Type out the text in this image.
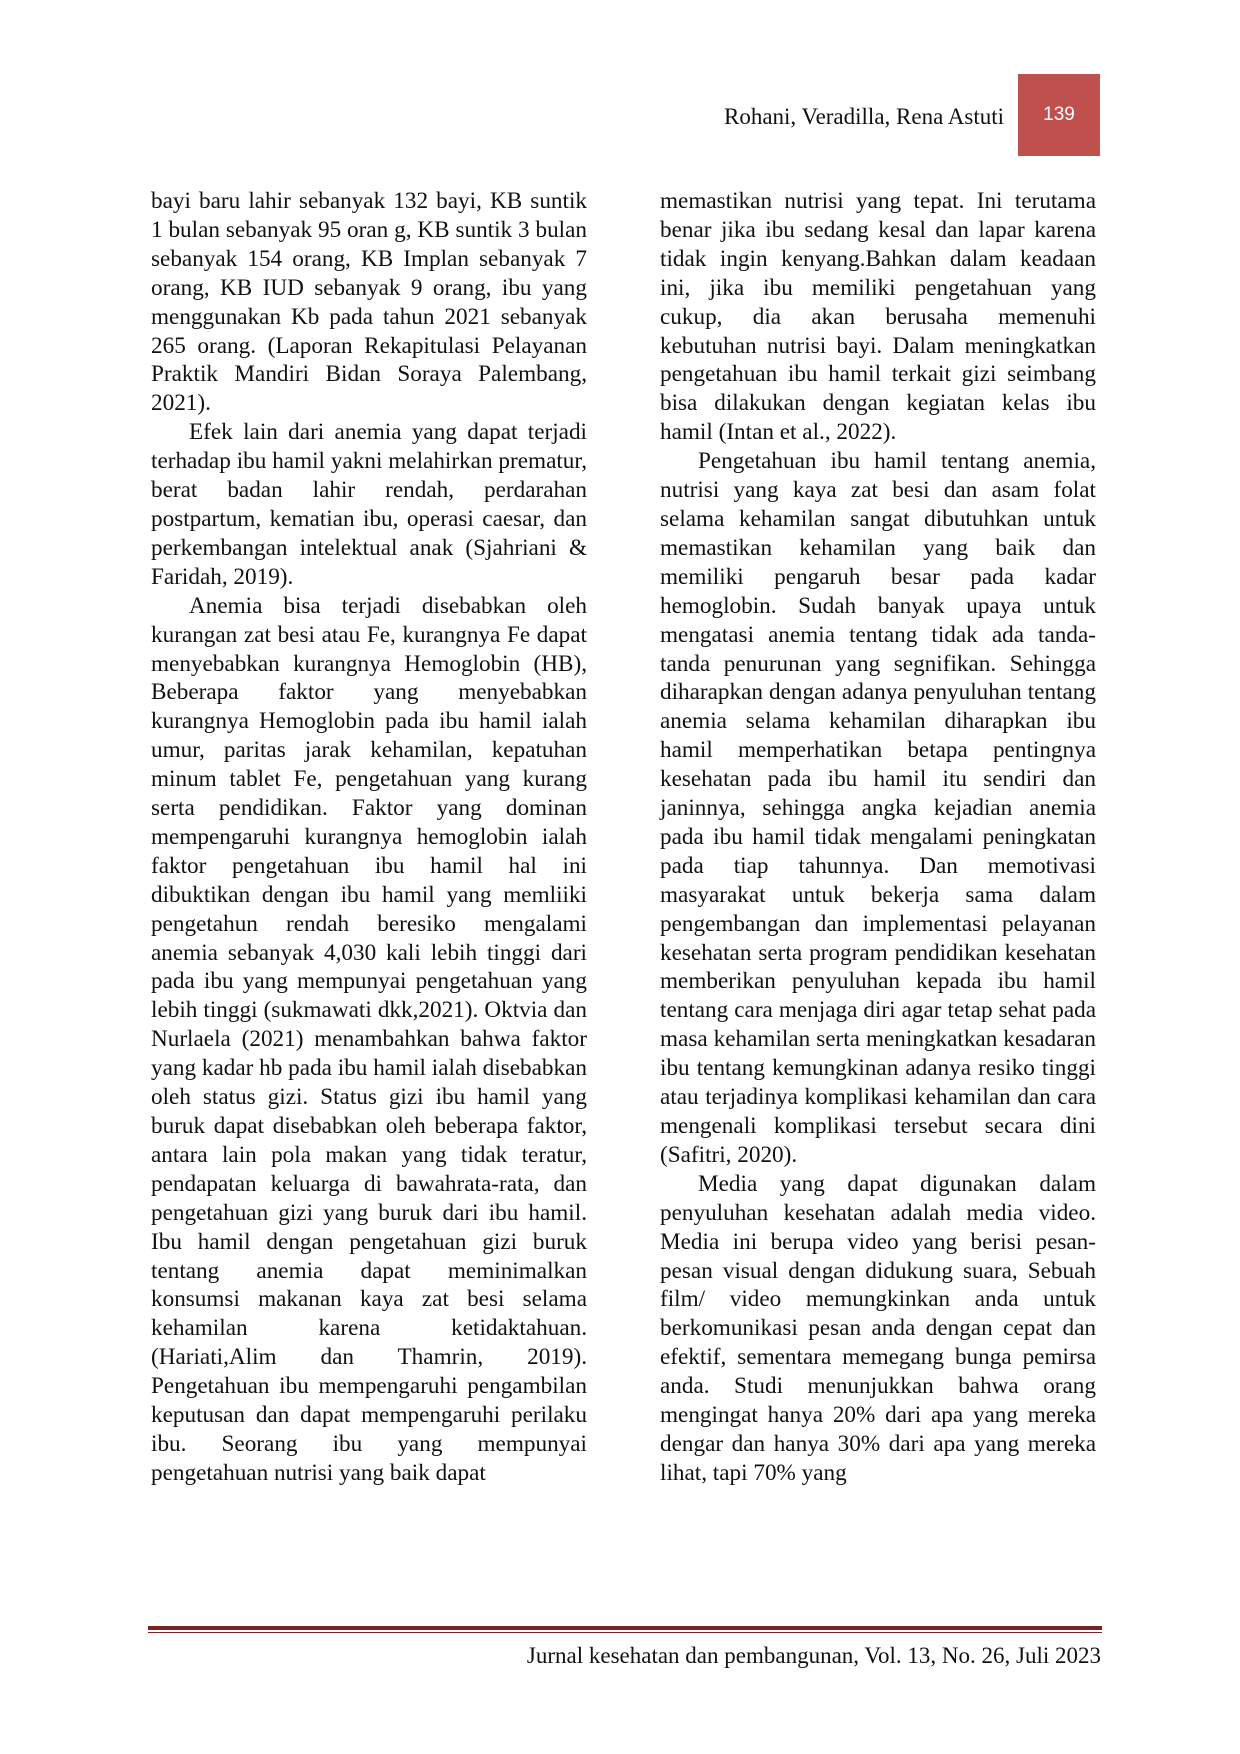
Rohani, Veradilla, Rena Astuti	139

bayi baru lahir sebanyak 132 bayi, KB suntik 1 bulan sebanyak 95 oran g, KB suntik 3 bulan sebanyak 154 orang, KB Implan sebanyak 7 orang, KB IUD sebanyak 9 orang, ibu yang menggunakan Kb pada tahun 2021 sebanyak 265 orang. (Laporan Rekapitulasi Pelayanan Praktik Mandiri Bidan Soraya Palembang, 2021).

Efek lain dari anemia yang dapat terjadi terhadap ibu hamil yakni melahirkan prematur, berat badan lahir rendah, perdarahan postpartum, kematian ibu, operasi caesar, dan perkembangan intelektual anak (Sjahriani & Faridah, 2019).

Anemia bisa terjadi disebabkan oleh kurangan zat besi atau Fe, kurangnya Fe dapat menyebabkan kurangnya Hemoglobin (HB), Beberapa faktor yang menyebabkan kurangnya Hemoglobin pada ibu hamil ialah umur, paritas jarak kehamilan, kepatuhan minum tablet Fe, pengetahuan yang kurang serta pendidikan. Faktor yang dominan mempengaruhi kurangnya hemoglobin ialah faktor pengetahuan ibu hamil hal ini dibuktikan dengan ibu hamil yang memliiki pengetahun rendah beresiko mengalami anemia sebanyak 4,030 kali lebih tinggi dari pada ibu yang mempunyai pengetahuan yang lebih tinggi (sukmawati dkk,2021). Oktvia dan Nurlaela (2021) menambahkan bahwa faktor yang kadar hb pada ibu hamil ialah disebabkan oleh status gizi. Status gizi ibu hamil yang buruk dapat disebabkan oleh beberapa faktor, antara lain pola makan yang tidak teratur, pendapatan keluarga di bawahrata-rata, dan pengetahuan gizi yang buruk dari ibu hamil. Ibu hamil dengan pengetahuan gizi buruk tentang anemia dapat meminimalkan konsumsi makanan kaya zat besi selama kehamilan karena ketidaktahuan. (Hariati,Alim dan Thamrin, 2019). Pengetahuan ibu mempengaruhi pengambilan keputusan dan dapat mempengaruhi perilaku ibu. Seorang ibu yang mempunyai pengetahuan nutrisi yang baik dapat

memastikan nutrisi yang tepat. Ini terutama benar jika ibu sedang kesal dan lapar karena tidak ingin kenyang.Bahkan dalam keadaan ini, jika ibu memiliki pengetahuan yang cukup, dia akan berusaha memenuhi kebutuhan nutrisi bayi. Dalam meningkatkan pengetahuan ibu hamil terkait gizi seimbang bisa dilakukan dengan kegiatan kelas ibu hamil (Intan et al., 2022).

Pengetahuan ibu hamil tentang anemia, nutrisi yang kaya zat besi dan asam folat selama kehamilan sangat dibutuhkan untuk memastikan kehamilan yang baik dan memiliki pengaruh besar pada kadar hemoglobin. Sudah banyak upaya untuk mengatasi anemia tentang tidak ada tanda-tanda penurunan yang segnifikan. Sehingga diharapkan dengan adanya penyuluhan tentang anemia selama kehamilan diharapkan ibu hamil memperhatikan betapa pentingnya kesehatan pada ibu hamil itu sendiri dan janinnya, sehingga angka kejadian anemia pada ibu hamil tidak mengalami peningkatan pada tiap tahunnya. Dan memotivasi masyarakat untuk bekerja sama dalam pengembangan dan implementasi pelayanan kesehatan serta program pendidikan kesehatan memberikan penyuluhan kepada ibu hamil tentang cara menjaga diri agar tetap sehat pada masa kehamilan serta meningkatkan kesadaran ibu tentang kemungkinan adanya resiko tinggi atau terjadinya komplikasi kehamilan dan cara mengenali komplikasi tersebut secara dini (Safitri, 2020).

Media yang dapat digunakan dalam penyuluhan kesehatan adalah media video. Media ini berupa video yang berisi pesan-pesan visual dengan didukung suara, Sebuah film/ video memungkinkan anda untuk berkomunikasi pesan anda dengan cepat dan efektif, sementara memegang bunga pemirsa anda. Studi menunjukkan bahwa orang mengingat hanya 20% dari apa yang mereka dengar dan hanya 30% dari apa yang mereka lihat, tapi 70% yang

Jurnal kesehatan dan pembangunan, Vol. 13, No. 26, Juli 2023
